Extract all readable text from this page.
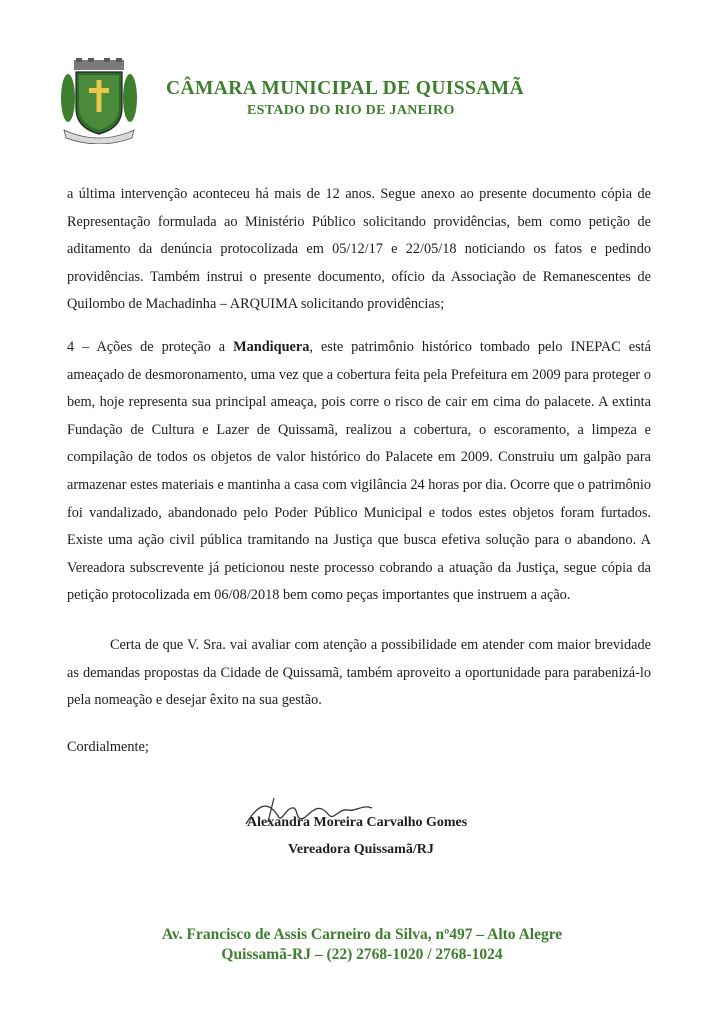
CÂMARA MUNICIPAL DE QUISSAMÃ
ESTADO DO RIO DE JANEIRO

a última intervenção aconteceu há mais de 12 anos. Segue anexo ao presente documento cópia de Representação formulada ao Ministério Público solicitando providências, bem como petição de aditamento da denúncia protocolizada em 05/12/17 e 22/05/18 noticiando os fatos e pedindo providências. Também instrui o presente documento, ofício da Associação de Remanescentes de Quilombo de Machadinha – ARQUIMA solicitando providências;

4 – Ações de proteção a Mandiquera, este patrimônio histórico tombado pelo INEPAC está ameaçado de desmoronamento, uma vez que a cobertura feita pela Prefeitura em 2009 para proteger o bem, hoje representa sua principal ameaça, pois corre o risco de cair em cima do palacete. A extinta Fundação de Cultura e Lazer de Quissamã, realizou a cobertura, o escoramento, a limpeza e compilação de todos os objetos de valor histórico do Palacete em 2009. Construiu um galpão para armazenar estes materiais e mantinha a casa com vigilância 24 horas por dia. Ocorre que o patrimônio foi vandalizado, abandonado pelo Poder Público Municipal e todos estes objetos foram furtados. Existe uma ação civil pública tramitando na Justiça que busca efetiva solução para o abandono. A Vereadora subscrevente já peticionou neste processo cobrando a atuação da Justiça, segue cópia da petição protocolizada em 06/08/2018 bem como peças importantes que instruem a ação.

Certa de que V. Sra. vai avaliar com atenção a possibilidade em atender com maior brevidade as demandas propostas da Cidade de Quissamã, também aproveito a oportunidade para parabenizá-lo pela nomeação e desejar êxito na sua gestão.

Cordialmente;
Alexandra Moreira Carvalho Gomes
Vereadora Quissamã/RJ
Av. Francisco de Assis Carneiro da Silva, nº497 – Alto Alegre
Quissamã-RJ – (22) 2768-1020 / 2768-1024
